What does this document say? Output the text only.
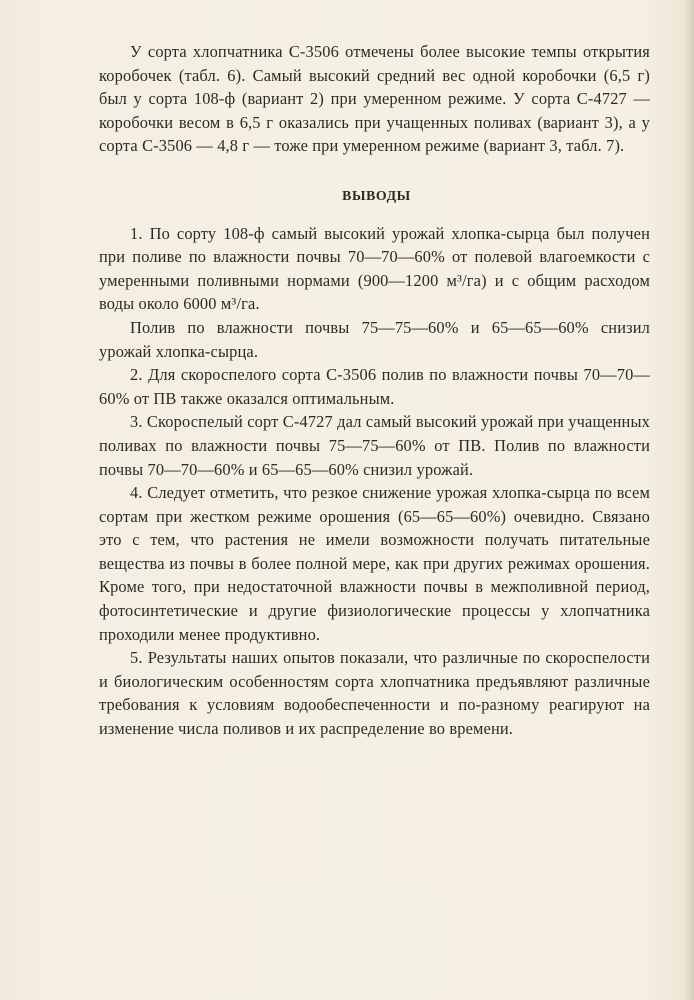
У сорта хлопчатника С-3506 отмечены более высокие темпы открытия коробочек (табл. 6). Самый высокий средний вес одной коробочки (6,5 г) был у сорта 108-ф (вариант 2) при умеренном режиме. У сорта С-4727 — коробочки весом в 6,5 г оказались при учащенных поливах (вариант 3), а у сорта С-3506 — 4,8 г — тоже при умеренном режиме (вариант 3, табл. 7).

ВЫВОДЫ

1. По сорту 108-ф самый высокий урожай хлопка-сырца был получен при поливе по влажности почвы 70—70—60% от полевой влагоемкости с умеренными поливными нормами (900—1200 м³/га) и с общим расходом воды около 6000 м³/га.

Полив по влажности почвы 75—75—60% и 65—65—60% снизил урожай хлопка-сырца.

2. Для скороспелого сорта С-3506 полив по влажности почвы 70—70—60% от ПВ также оказался оптимальным.

3. Скороспелый сорт С-4727 дал самый высокий урожай при учащенных поливах по влажности почвы 75—75—60% от ПВ. Полив по влажности почвы 70—70—60% и 65—65—60% снизил урожай.

4. Следует отметить, что резкое снижение урожая хлопка-сырца по всем сортам при жестком режиме орошения (65—65—60%) очевидно. Связано это с тем, что растения не имели возможности получать питательные вещества из почвы в более полной мере, как при других режимах орошения. Кроме того, при недостаточной влажности почвы в межполивной период, фотосинтетические и другие физиологические процессы у хлопчатника проходили менее продуктивно.

5. Результаты наших опытов показали, что различные по скороспелости и биологическим особенностям сорта хлопчатника предъявляют различные требования к условиям водообеспеченности и по-разному реагируют на изменение числа поливов и их распределение во времени.
